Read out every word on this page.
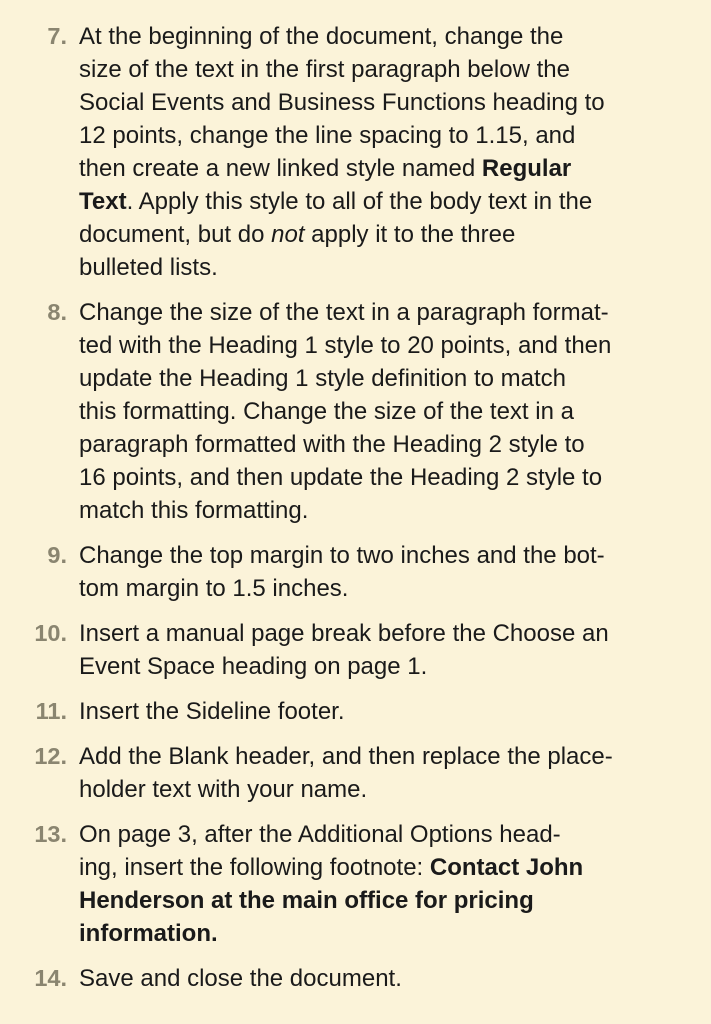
7. At the beginning of the document, change the
size of the text in the first paragraph below the
Social Events and Business Functions heading to
12 points, change the line spacing to 1.15, and
then create a new linked style named Regular
Text. Apply this style to all of the body text in the
document, but do not apply it to the three
bulleted lists.
8. Change the size of the text in a paragraph format-
ted with the Heading 1 style to 20 points, and then
update the Heading 1 style definition to match
this formatting. Change the size of the text in a
paragraph formatted with the Heading 2 style to
16 points, and then update the Heading 2 style to
match this formatting.
9. Change the top margin to two inches and the bot-
tom margin to 1.5 inches.
10. Insert a manual page break before the Choose an
Event Space heading on page 1.
11. Insert the Sideline footer.
12. Add the Blank header, and then replace the place-
holder text with your name.
13. On page 3, after the Additional Options head-
ing, insert the following footnote: Contact John
Henderson at the main office for pricing
information.
14. Save and close the document.
